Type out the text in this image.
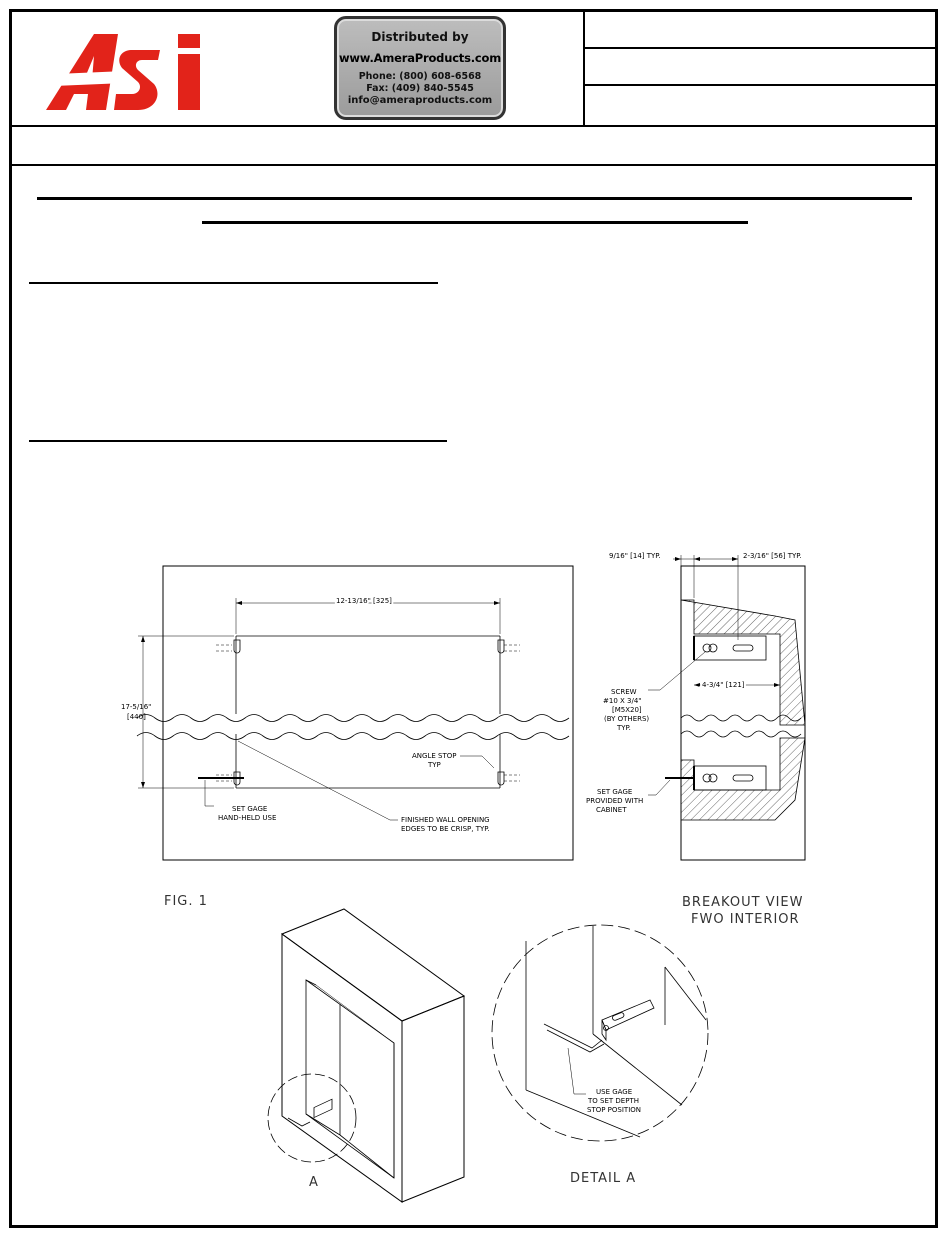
ASi	Distributed by
www.AmeraProducts.com
Phone: (800) 608-6568
Fax: (409) 840-5545
info@ameraproducts.com
12-13/16" [325]
17-5/16"
[440]
ANGLE STOP
TYP
SET GAGE
HAND-HELD USE	FINISHED WALL OPENING
EDGES TO BE CRISP, TYP.
FIG. 1
9/16" [14] TYP.	2-3/16" [56] TYP.
4-3/4" [121]
SCREW
#10 X 3/4"
[M5X20]
(BY OTHERS)
TYP.
SET GAGE
PROVIDED WITH
CABINET
BREAKOUT VIEW
FWO INTERIOR
A
USE GAGE
TO SET DEPTH
STOP POSITION
DETAIL A
